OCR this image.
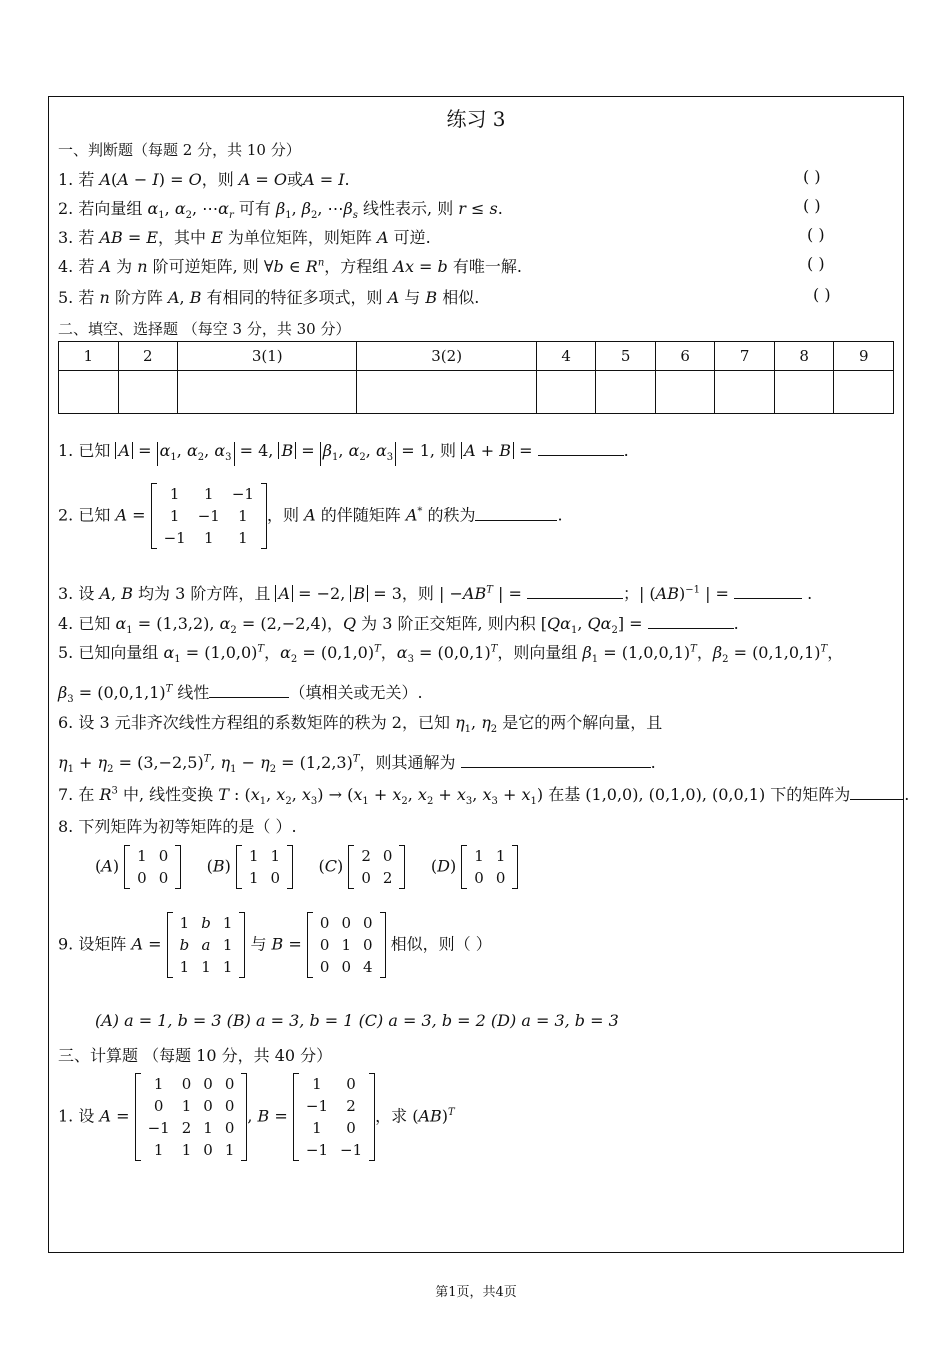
练习 3
一、判断题（每题 2 分，共 10 分）
1. 若 A(A − I) = O，则 A = O或A = I.	( )
2. 若向量组 $\alpha_1$, $\alpha_2$, $\cdots\alpha_r$ 可有 $\beta_1$, $\beta_2$, $\cdots\beta_s$ 线性表示, 则 r ≤ s.	( )
3. 若 AB = E，其中 E 为单位矩阵，则矩阵 A 可逆.	( )
4. 若 A 为 n 阶可逆矩阵, 则 ∀b ∈ $R^n$，方程组 Ax = b 有唯一解.	( )
5. 若 n 阶方阵 A, B 有相同的特征多项式，则 A 与 B 相似.	( )
二、填空、选择题 （每空 3 分，共 30 分）
1	2	3(1)	3(2)	4	5	6	7	8	9

1. 已知 $A = \alpha_1$, $\alpha_2$, $\alpha_3 = 4$, $B = \beta_1$, $\alpha_2$, $\alpha_3 = 1$, 则 A + B =	.
2. 已知 A =
1	1	−1
1	−1	1
−1	1	1
，则 A 的伴随矩阵 A* 的秩为	.
3. 设 A, B 均为 3 阶方阵，且 A = −2, B = 3，则 | $-AB^T$ | =	；| (AB)$^{-1}$ | =	.
4. 已知 $\alpha_1 = (1,3,2)$, $\alpha_2 = (2,-2,4)$，Q 为 3 阶正交矩阵, 则内积 [$Q\alpha_1$, $Q\alpha_2$] =	.
5. 已知向量组 $\alpha_1 = (1,0,0)^T$，$\alpha_2 = (0,1,0)^T$，$\alpha_3 = (0,0,1)^T$，则向量组 $\beta_1 = (1,0,0,1)^T$，$\beta_2 = (0,1,0,1)^T$，
$\beta_3 = (0,0,1,1)^T$ 线性	（填相关或无关）.
6. 设 3 元非齐次线性方程组的系数矩阵的秩为 2，已知 $\eta_1$, $\eta_2$ 是它的两个解向量，且
$\eta_1 + \eta_2 = (3,-2,5)^T$, $\eta_1 - \eta_2 = (1,2,3)^T$，则其通解为	.
7. 在 $R^3$ 中, 线性变换 T : ($x_1$, $x_2$, $x_3) \to (x_1 + x_2$, $x_2 + x_3$, $x_3 + x_1$) 在基 (1,0,0), (0,1,0), (0,0,1) 下的矩阵为	.
8. 下列矩阵为初等矩阵的是（ ）.
(A)
1	0
0	0
(B)
1	1
1	0
(C)
2	0
0	2
(D)
1	1
0	0
9. 设矩阵 A =
1	b	1
b	a	1
1	1	1
与 B =
0	0	0
0	1	0
0	0	4
相似，则（ ）
(A) a = 1, b = 3 (B) a = 3, b = 1 (C) a = 3, b = 2 (D) a = 3, b = 3
三、计算题 （每题 10 分，共 40 分）
1. 设 A =
1	0	0	0
0	1	0	0
−1	2	1	0
1	1	0	1
, B =
1	0
−1	2
1	0
−1	−1
，求 (AB)$^T$
第1页，共4页
